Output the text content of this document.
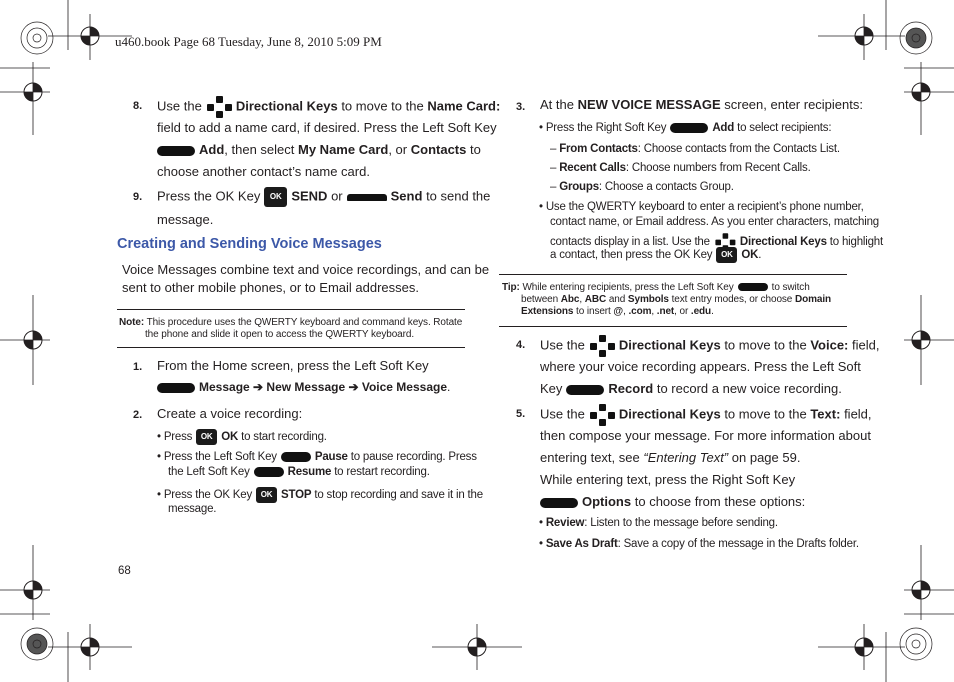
u460.book Page 68 Tuesday, June 8, 2010 5:09 PM
8. Use the	Directional Keys to move to the Name Card:
field to add a name card, if desired. Press the Left Soft Key
Add, then select My Name Card, or Contacts to
choose another contact’s name card.
9. Press the OK Key OK SEND or	Send to send the
message.
Creating and Sending Voice Messages
Voice Messages combine text and voice recordings, and can be
sent to other mobile phones, or to Email addresses.
Note: This procedure uses the QWERTY keyboard and command keys. Rotate
the phone and slide it open to access the QWERTY keyboard.
1. From the Home screen, press the Left Soft Key
Message ➔ New Message ➔ Voice Message.
2. Create a voice recording:
• Press OK OK to start recording.
• Press the Left Soft Key	Pause to pause recording. Press
the Left Soft Key	Resume to restart recording.
• Press the OK Key OK STOP to stop recording and save it in the
message.
68
3. At the NEW VOICE MESSAGE screen, enter recipients:
• Press the Right Soft Key	Add to select recipients:
– From Contacts: Choose contacts from the Contacts List.
– Recent Calls: Choose numbers from Recent Calls.
– Groups: Choose a contacts Group.
• Use the QWERTY keyboard to enter a recipient’s phone number,
contact name, or Email address. As you enter characters, matching
contacts display in a list. Use the	Directional Keys to highlight
a contact, then press the OK Key OK OK.
Tip: While entering recipients, press the Left Soft Key	to switch
between Abc, ABC and Symbols text entry modes, or choose Domain
Extensions to insert @, .com, .net, or .edu.
4. Use the	Directional Keys to move to the Voice: field,
where your voice recording appears. Press the Left Soft
Key	Record to record a new voice recording.
5. Use the	Directional Keys to move to the Text: field,
then compose your message. For more information about
entering text, see “Entering Text” on page 59.
While entering text, press the Right Soft Key
Options to choose from these options:
• Review: Listen to the message before sending.
• Save As Draft: Save a copy of the message in the Drafts folder.
